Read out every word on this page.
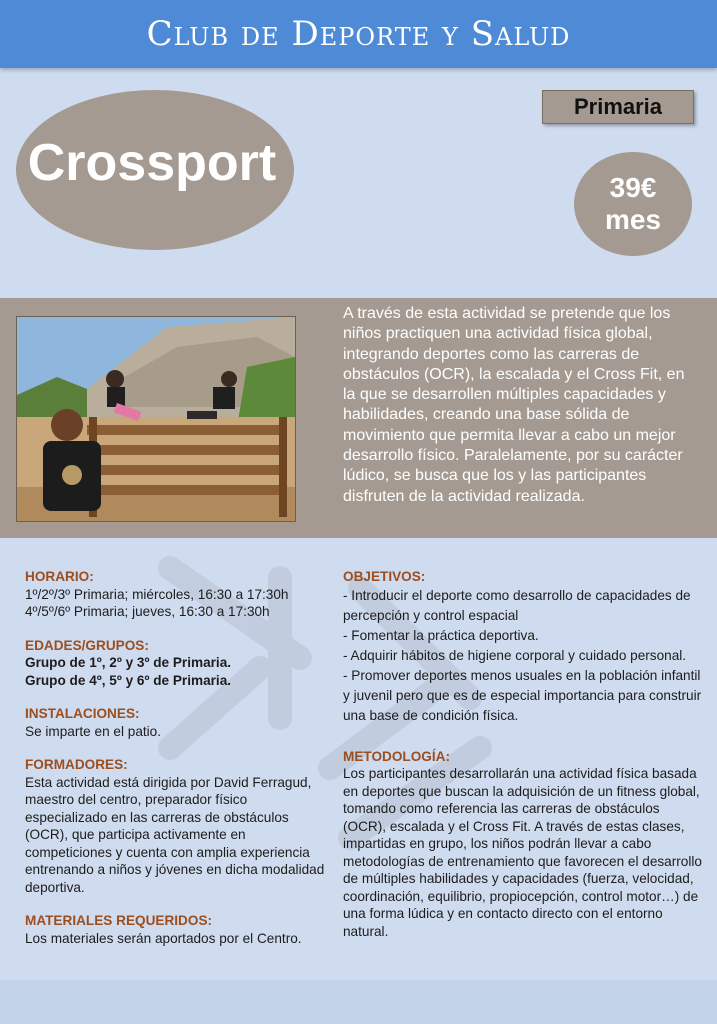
Club de Deporte y Salud
Primaria
Crossport	39€
mes
A través de esta actividad se pretende que los niños practiquen una actividad física global, integrando deportes como las carreras de obstáculos (OCR), la escalada y el Cross Fit, en la que se desarrollen múltiples capacidades y habilidades, creando una base sólida de movimiento que permita llevar a cabo un mejor desarrollo físico. Paralelamente, por su carácter lúdico, se busca que los y las participantes disfruten de la actividad realizada.
HORARIO:
1º/2º/3º Primaria; miércoles, 16:30 a 17:30h
4º/5º/6º Primaria; jueves, 16:30 a 17:30h
EDADES/GRUPOS:
Grupo de 1º, 2º y 3º de Primaria.
Grupo de 4º, 5º y 6º de Primaria.
INSTALACIONES:
Se imparte en el patio.
FORMADORES:
Esta actividad está dirigida por David Ferragud, maestro del centro, preparador físico especializado en las carreras de obstáculos (OCR), que participa activamente en competiciones y cuenta con amplia experiencia entrenando a niños y jóvenes en dicha modalidad deportiva.
MATERIALES REQUERIDOS:
Los materiales serán aportados por el Centro.
OBJETIVOS:
- Introducir el deporte como desarrollo de capacidades de percepción y control espacial
- Fomentar la práctica deportiva.
- Adquirir hábitos de higiene corporal y cuidado personal.
- Promover deportes menos usuales en la población infantil y juvenil pero que es de especial importancia para construir una base de condición física.
METODOLOGÍA:
Los participantes desarrollarán una actividad física basada en deportes que buscan la adquisición de un fitness global, tomando como referencia las carreras de obstáculos (OCR), escalada y el Cross Fit. A través de estas clases, impartidas en grupo, los niños podrán llevar a cabo metodologías de entrenamiento que favorecen el desarrollo de múltiples habilidades y capacidades (fuerza, velocidad, coordinación, equilibrio, propiocepción, control motor…) de una forma lúdica y en contacto directo con el entorno natural.
